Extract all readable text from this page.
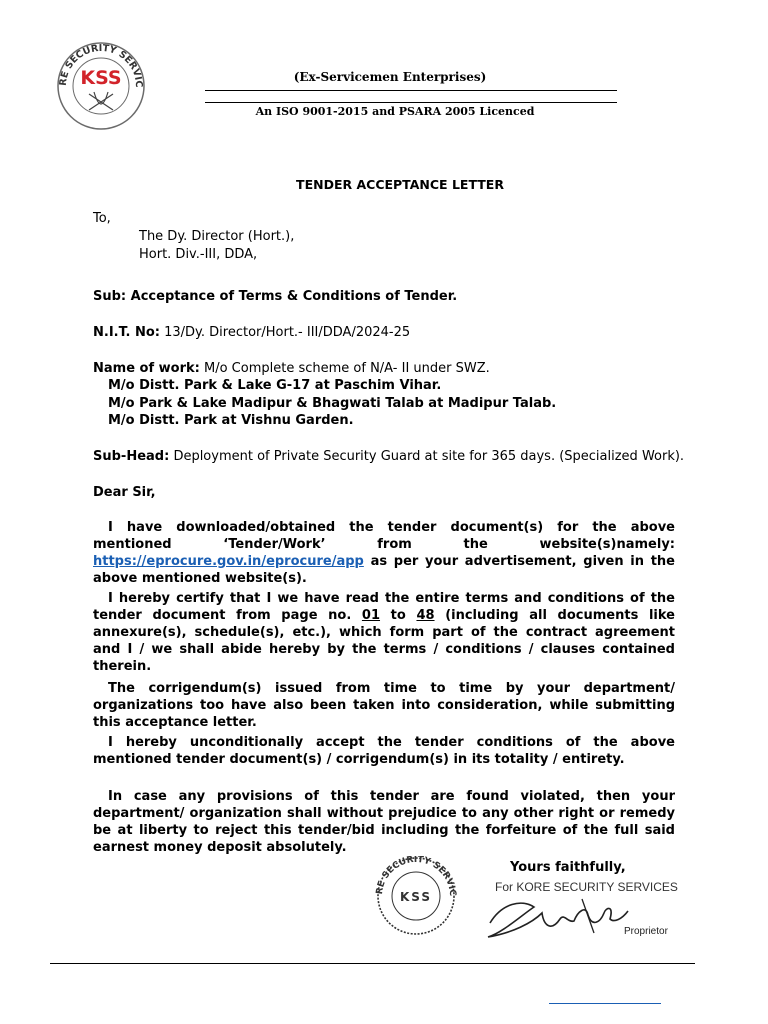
RE SECURITY SERVIC
KSS	(Ex-Servicemen Enterprises)
An ISO 9001-2015 and PSARA 2005 Licenced
TENDER ACCEPTANCE LETTER
To,
The Dy. Director (Hort.),
Hort. Div.-III, DDA,
Sub: Acceptance of Terms & Conditions of Tender.
N.I.T. No: 13/Dy. Director/Hort.- III/DDA/2024-25
Name of work: M/o Complete scheme of N/A- II under SWZ.
M/o Distt. Park & Lake G-17 at Paschim Vihar.
M/o Park & Lake Madipur & Bhagwati Talab at Madipur Talab.
M/o Distt. Park at Vishnu Garden.
Sub-Head: Deployment of Private Security Guard at site for 365 days. (Specialized Work).
Dear Sir,
I have downloaded/obtained the tender document(s) for the above mentioned ‘Tender/Work’ from the website(s)namely: https://eprocure.gov.in/eprocure/app as per your advertisement, given in the above mentioned website(s).
I hereby certify that I we have read the entire terms and conditions of the tender document from page no. 01 to 48 (including all documents like annexure(s), schedule(s), etc.), which form part of the contract agreement and I / we shall abide hereby by the terms / conditions / clauses contained therein.
The corrigendum(s) issued from time to time by your department/ organizations too have also been taken into consideration, while submitting this acceptance letter.
I hereby unconditionally accept the tender conditions of the above mentioned tender document(s) / corrigendum(s) in its totality / entirety.
In case any provisions of this tender are found violated, then your department/ organization shall without prejudice to any other right or remedy be at liberty to reject this tender/bid including the forfeiture of the full said earnest money deposit absolutely.
Yours faithfully,
RE SECURITY SERVIC
KSS
For KORE SECURITY SERVICES
Proprietor
